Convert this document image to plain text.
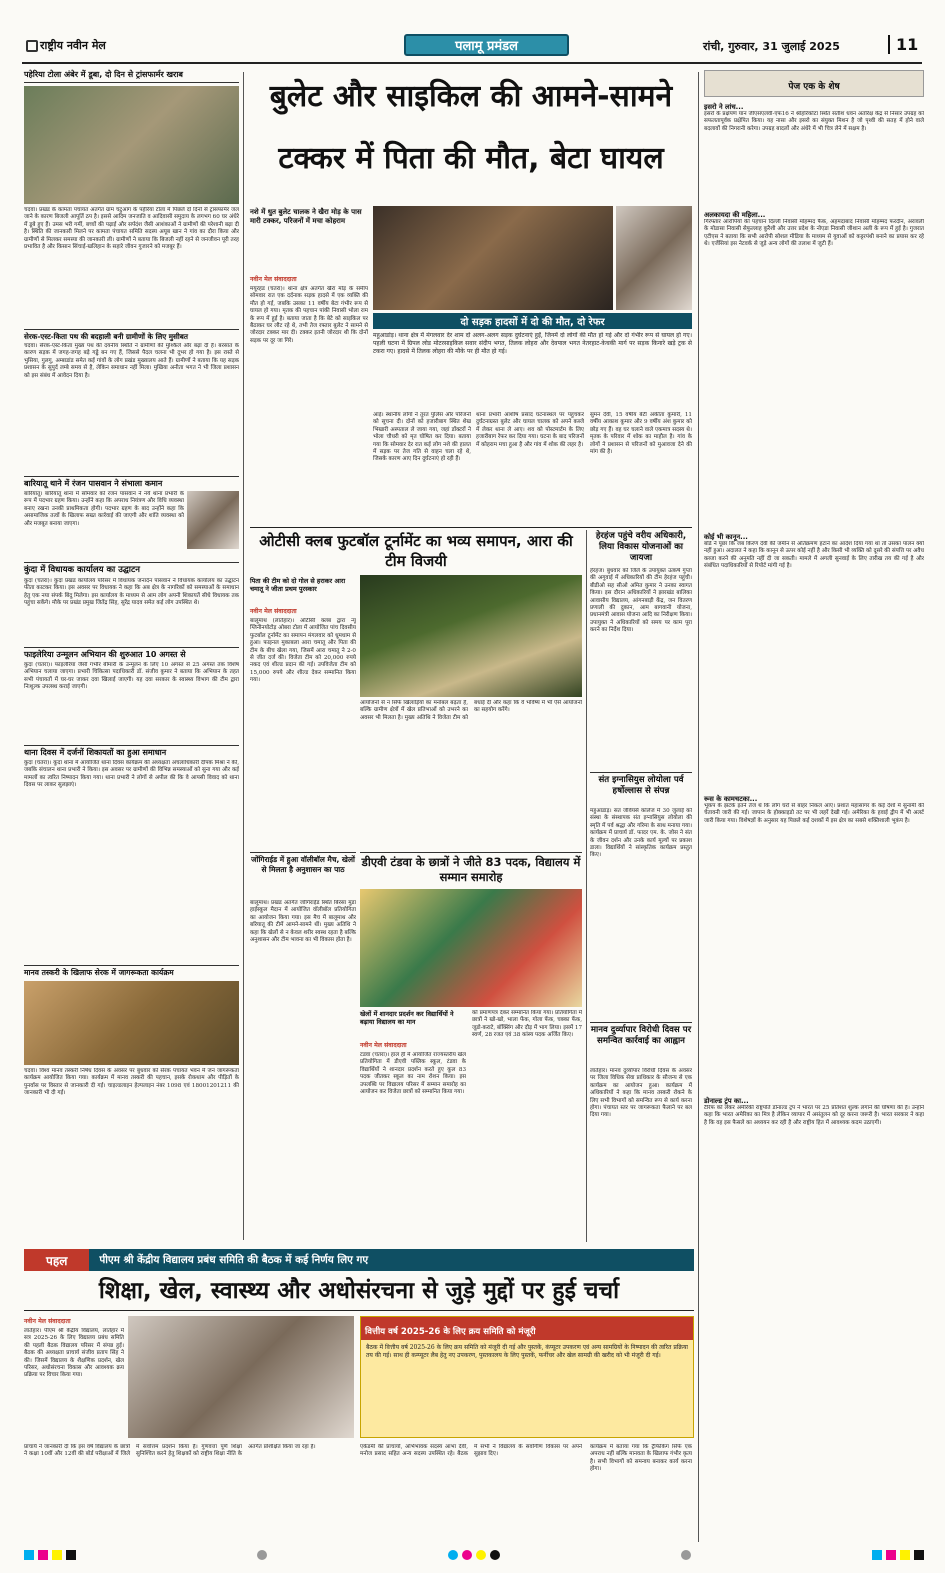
राष्ट्रीय नवीन मेल	पलामू प्रमंडल	रांची, गुरुवार, 31 जुलाई 2025	11
पहेरिया टोला अंबेर में डूबा, दो दिन से ट्रांसफार्मर खराब
चंदवा। प्रखंड के कामता पंचायत अंतर्गत ग्राम चटुआग के पहेरिया टोला में पिछले दो दिनों से ट्रांसफार्मर जल जाने के कारण बिजली आपूर्ति ठप है। इससे आदिम जनजाति व आदिवासी समुदाय के लगभग 60 घर अंधेरे में डूबे हुए हैं। उमस भरी गर्मी, बच्चों की पढ़ाई और सर्पदंश जैसी आशंकाओं ने ग्रामीणों की परेशानी बढ़ा दी है। स्थिति की जानकारी मिलने पर कामता पंचायत समिति सदस्य अयूब खान ने गांव का दौरा किया और ग्रामीणों से मिलकर समस्या की जानकारी ली। ग्रामीणों ने बताया कि बिजली नहीं रहने से जनजीवन पूरी तरह प्रभावित है और किसान सिंचाई-खलिहान के सहारे जीवन गुजारने को मजबूर हैं।
सेरक-एस्ट-किता पथ की बदहाली बनी ग्रामीणों के लिए मुसीबत
चंदवा। सेरक-एस्ट-किता मुख्य पथ की दयनीय स्थिति ने ग्रामीणों की मुश्किलें और बढ़ा दी हैं। बरसात के कारण सड़क में जगह-जगह बड़े गड्ढे बन गए हैं, जिससे पैदल चलना भी दूभर हो गया है। इस रास्ते से भुसिया, गुलगु, अम्बाडांड समेत कई गांवों के लोग प्रखंड मुख्यालय आते हैं। ग्रामीणों ने बताया कि यह सड़क प्रशासन के सुपुर्द लम्बे समय से है, लेकिन समाधान नहीं मिला। मुखिया अनीता भगत ने भी जिला प्रशासन को इस संबंध में आवेदन दिया है।
बारियातू थाने में रंजन पासवान ने संभाला कमान
बारियातू। बारियातू थाना में सोमवार को रंजन पासवान ने नये थाना प्रभारी के रूप में पदभार ग्रहण किया। उन्होंने कहा कि अपराध नियंत्रण और विधि व्यवस्था बनाए रखना उनकी प्राथमिकता होगी। पदभार ग्रहण के बाद उन्होंने कहा कि असामाजिक तत्वों के खिलाफ सख्त कार्रवाई की जाएगी और शांति व्यवस्था को और मजबूत बनाया जाएगा।
कुंदा में विधायक कार्यालय का उद्घाटन
कुंदा (चतरा)। कुंदा प्रखंड कार्यालय परिसर में विधायक जनार्दन पासवान ने विधायक कार्यालय का उद्घाटन फीता काटकर किया। इस अवसर पर विधायक ने कहा कि अब क्षेत्र के नागरिकों को समस्याओं के समाधान हेतु एक नया संपर्क बिंदु मिलेगा। इस कार्यालय के माध्यम से आम लोग अपनी शिकायतें सीधे विधायक तक पहुंचा सकेंगे। मौके पर प्रखंड प्रमुख जितेंद्र सिंह, सुरेंद्र यादव समेत कई लोग उपस्थित थे।
फाइलेरिया उन्मूलन अभियान की शुरुआत 10 अगस्त से
कुंदा (चतरा)। फाइलेरिया जैसी गंभीर बीमारी के उन्मूलन के लिए 10 अगस्त से 25 अगस्त तक विशेष अभियान चलाया जाएगा। प्रभारी चिकित्सा पदाधिकारी डॉ. संजीव कुमार ने बताया कि अभियान के तहत सभी पंचायतों में घर-घर जाकर दवा खिलाई जाएगी। यह दवा सरकार के स्वास्थ्य विभाग की टीम द्वारा निःशुल्क उपलब्ध कराई जाएगी।
थाना दिवस में दर्जनों शिकायतों का हुआ समाधान
कुंदा (चतरा)। कुंदा थाना में आयोजित थाना दिवस कार्यक्रम की अध्यक्षता अंचलाधिकारी दीपक मिश्रा ने की, जबकि संचालन थाना प्रभारी ने किया। इस अवसर पर ग्रामीणों की विभिन्न समस्याओं को सुना गया और कई मामलों का त्वरित निष्पादन किया गया। थाना प्रभारी ने लोगों से अपील की कि वे आपसी विवाद को थाना दिवस पर लाकर सुलझाएं।
मानव तस्करी के खिलाफ सेरक में जागरूकता कार्यक्रम
चंदवा। विश्व मानव तस्करी निषेध दिवस के अवसर पर बुधवार को सेरक पंचायत भवन में जन जागरूकता कार्यक्रम आयोजित किया गया। कार्यक्रम में मानव तस्करी की पहचान, इसके रोकथाम और पीड़ितों के पुनर्वास पर विस्तार से जानकारी दी गई। चाइल्डलाइन हेल्पलाइन नंबर 1098 एवं 18001201211 की जानकारी भी दी गई।
बुलेट और साइकिल की आमने-सामने
टक्कर में पिता की मौत, बेटा घायल
नशे में धुत बुलेट चालक ने खैरा मोड़ के पास मारी टक्कर, परिजनों में मचा कोहराम
नवीन मेल संवाददाता
मयूरहंड (चतरा)। थाना क्षेत्र अंतर्गत खैरा मोड़ के समीप सोमवार रात एक दर्दनाक सड़क हादसे में एक व्यक्ति की मौत हो गई, जबकि उसका 11 वर्षीय बेटा गंभीर रूप से घायल हो गया। मृतक की पहचान पांकी निवासी भोला राम के रूप में हुई है। बताया जाता है कि बेटे को साइकिल पर बैठाकर घर लौट रहे थे, तभी तेज रफ्तार बुलेट ने सामने से जोरदार टक्कर मार दी। टक्कर इतनी जोरदार थी कि दोनों सड़क पर दूर जा गिरे।
दो सड़क हादसों में दो की मौत, दो रेफर
महुआडांड़। थाना क्षेत्र में मंगलवार देर शाम दो अलग-अलग सड़क दुर्घटनाएं हुईं, जिनमें दो लोगों की मौत हो गई और दो गंभीर रूप से घायल हो गए। पहली घटना में ग्रिपल लोड मोटरसाइकिल सवार संदीप भगत, तिलक लोहरा और देवपाल भगत नेतरहाट-केचकी मार्ग पर सड़क किनारे खड़े ट्रक से टकरा गए। हादसे में तिलक लोहरा की मौके पर ही मौत हो गई।
आई। स्थानीय लोगों ने तुरंत पुलिस और परिजनों को सूचना दी। दोनों को हजारीबाग स्थित शेख भिखारी अस्पताल ले जाया गया, जहां डॉक्टरों ने भोला चौधरी को मृत घोषित कर दिया। बताया गया कि सोमवार देर रात कई लोग नशे की हालत में सड़क पर तेज गति से वाहन चला रहे थे, जिसके कारण आए दिन दुर्घटनाएं हो रही हैं।
थाना प्रभारी आशीष प्रसाद घटनास्थल पर पहुंचकर दुर्घटनाग्रस्त बुलेट और घायल चालक को अपने कब्जे में लेकर थाना ले आए। शव को पोस्टमार्टम के लिए हजारीबाग रेफर कर दिया गया। घटना के बाद परिजनों में कोहराम मचा हुआ है और गांव में शोक की लहर है।
सुमन देवी, 15 वर्षीय बेटी अंकीता कुमारी, 11 वर्षीय आकाश कुमार और 9 वर्षीय अंश कुमार को छोड़ गए हैं। वह घर चलाने वाले एकमात्र सदस्य थे। मृतक के परिवार में शोक का माहौल है। गांव के लोगों ने प्रशासन से परिजनों को मुआवजा देने की मांग की है।
ओटीसी क्लब फुटबॉल टूर्नामेंट का भव्य समापन, आरा की टीम विजयी
पिता की टीम को दो गोल से हराकर आरा चमातू ने जीता प्रथम पुरस्कार
नवीन मेल संवाददाता
बालूमाथ (लातेहार)। ओटीसी क्लब द्वारा न्यू ग्लिनीनयोटोड़ ओबरा टोला में आयोजित पांच दिवसीय फुटबॉल टूर्नामेंट का समापन मंगलवार को धूमधाम से हुआ। फाइनल मुकाबला आरा चमातू और पिता की टीम के बीच खेला गया, जिसमें आरा चमातू ने 2-0 से जीत दर्ज की। विजेता टीम को 20,000 रुपये नकद एवं शील्ड प्रदान की गई। उपविजेता टीम को 15,000 रुपये और शील्ड देकर सम्मानित किया गया।
आयोजनों से न सिर्फ खिलाड़ियों का मनोबल बढ़ता है, बल्कि ग्रामीण क्षेत्रों में खेल प्रतिभाओं को उभरने का अवसर भी मिलता है। मुख्य अतिथि ने विजेता टीम को बधाई दी और कहा कि वे भविष्य में भी ऐसे आयोजनों का सहयोग करेंगे।
जोंगिराईड में हुआ वॉलीबॉल मैच, खेलों से मिलता है अनुशासन का पाठ
बालूमाथ। प्रखंड अंतर्गत जोंगिराईड स्थित बिरसा मुंडा हाईस्कूल मैदान में आयोजित वॉलीबॉल प्रतियोगिता का आयोजन किया गया। इस मैच में बालूमाथ और बरियातू की टीमें आमने-सामने थीं। मुख्य अतिथि ने कहा कि खेलों से न केवल शरीर स्वस्थ रहता है बल्कि अनुशासन और टीम भावना का भी विकास होता है।
डीएवी टंडवा के छात्रों ने जीते 83 पदक, विद्यालय में सम्मान समारोह
खेलों में शानदार प्रदर्शन कर विद्यार्थियों ने बढ़ाया विद्यालय का मान
नवीन मेल संवाददाता
टंडवा (चतरा)। हाल ही में आयोजित राज्यस्तरीय खेल प्रतियोगिता में डीएवी पब्लिक स्कूल, टंडवा के विद्यार्थियों ने शानदार प्रदर्शन करते हुए कुल 83 पदक जीतकर स्कूल का नाम रोशन किया। इस उपलब्धि पर विद्यालय परिसर में सम्मान समारोह का आयोजन कर विजेता छात्रों को सम्मानित किया गया।
को प्रमाणपत्र देकर सम्मानित किया गया। प्रतियोगिता में छात्रों ने खो-खो, भाला फेंक, गोला फेंक, चक्का फेंक, जूडो-कराटे, बॉक्सिंग और दौड़ में भाग लिया। इसमें 17 स्वर्ण, 28 रजत एवं 38 कांस्य पदक अर्जित किए।
हेरहंज पहुंचे वरीय अधिकारी, लिया विकास योजनाओं का जायजा
हेरहंज। बुधवार को जिले के उपायुक्त उत्कर्ष गुप्ता की अगुवाई में अधिकारियों की टीम हेरहंज पहुंची। बीडीओ सह सीओ अमित कुमार ने उनका स्वागत किया। इस दौरान अधिकारियों ने झारखंड बालिका आवासीय विद्यालय, आंगनबाड़ी केंद्र, जन वितरण प्रणाली की दुकान, आम बागवानी योजना, प्रधानमंत्री आवास योजना आदि का निरीक्षण किया। उपायुक्त ने अधिकारियों को समय पर काम पूरा करने का निर्देश दिया।
संत इग्नासियुस लोयोला पर्व हर्षोल्लास से संपन्न
महुआडांड़। संत जेवियर्स कॉलेज में 30 जुलाई को संस्था के संस्थापक संत इग्नासियुस लोयोला की स्मृति में पर्व श्रद्धा और गरिमा के साथ मनाया गया। कार्यक्रम में प्राचार्य डॉ. फादर एम. के. जोस ने संत के जीवन दर्शन और उनके कार्य मूल्यों पर प्रकाश डाला। विद्यार्थियों ने सांस्कृतिक कार्यक्रम प्रस्तुत किए।
मानव दुर्व्यापार विरोधी दिवस पर समन्वित कार्रवाई का आह्वान
लातेहार। मानव दुर्व्यापार विरोधी दिवस के अवसर पर जिला विधिक सेवा प्राधिकार के सौजन्य से एक कार्यक्रम का आयोजन हुआ। कार्यक्रम में अधिकारियों ने कहा कि मानव तस्करी रोकने के लिए सभी विभागों को समन्वित रूप से कार्य करना होगा। पंचायत स्तर पर जागरूकता फैलाने पर बल दिया गया।
पेज एक के शेष
इसरो ने लांच...
इसरो के प्रक्षेपण यान जीएसएलवी-एफ16 ने श्रीहरिकोटा स्थित सतीश धवन अंतरिक्ष केंद्र से निसार उपग्रह को सफलतापूर्वक प्रक्षेपित किया। यह नासा और इसरो का संयुक्त मिशन है जो पृथ्वी की सतह में होने वाले बदलावों की निगरानी करेगा। उपग्रह बादलों और अंधेरे में भी चित्र लेने में सक्षम है।
अलकायदा की महिला...
गिरफ्तार आरोपियों की पहचान दिल्ली निवासी मोहम्मद फैक, अहमदाबाद निवासी मोहम्मद फरदीन, अरावली के मोडासा निवासी सेफुल्लाह कुरैशी और उत्तर प्रदेश के नोएडा निवासी जीशान अली के रूप में हुई है। गुजरात एटीएस ने बताया कि सभी आरोपी सोशल मीडिया के माध्यम से युवाओं को कट्टरपंथी बनाने का प्रयास कर रहे थे। एजेंसियां इस नेटवर्क से जुड़े अन्य लोगों की तलाश में जुटी हैं।
कोई भी कानून...
बोर्ड ने पूछा कि जब किरण देवी की जमीन से अतिक्रमण हटाने का आदेश दिया गया था तो उसका पालन क्यों नहीं हुआ। अदालत ने कहा कि कानून से ऊपर कोई नहीं है और किसी भी व्यक्ति को दूसरे की संपत्ति पर अवैध कब्जा करने की अनुमति नहीं दी जा सकती। मामले में अगली सुनवाई के लिए तारीख तय की गई है और संबंधित पदाधिकारियों से रिपोर्ट मांगी गई है।
रूस के कामचटका...
भूकंप के झटके इतने तेज थे कि लोग घरों से बाहर निकल आए। प्रशांत महासागर के कई देशों में सुनामी की चेतावनी जारी की गई। जापान के होक्काइडो तट पर भी लहरें देखी गईं। अमेरिका के हवाई द्वीप में भी अलर्ट जारी किया गया। विशेषज्ञों के अनुसार यह पिछले कई दशकों में इस क्षेत्र का सबसे शक्तिशाली भूकंप है।
डोनाल्ड ट्रंप का...
टैरिफ को लेकर अमेरिकी राष्ट्रपति डोनाल्ड ट्रंप ने भारत पर 25 प्रतिशत शुल्क लगाने की घोषणा की है। उन्होंने कहा कि भारत अमेरिका का मित्र है लेकिन व्यापार में असंतुलन को दूर करना जरूरी है। भारत सरकार ने कहा है कि वह इस फैसले का अध्ययन कर रही है और राष्ट्रीय हित में आवश्यक कदम उठाएगी।
पहल	पीएम श्री केंद्रीय विद्यालय प्रबंध समिति की बैठक में कई निर्णय लिए गए
शिक्षा, खेल, स्वास्थ्य और अधोसंरचना से जुड़े मुद्दों पर हुई चर्चा
नवीन मेल संवाददाता
लातेहार। पीएम श्री केंद्रीय विद्यालय, लातेहार में सत्र 2025-26 के लिए विद्यालय प्रबंध समिति की पहली बैठक विद्यालय परिसर में संपन्न हुई। बैठक की अध्यक्षता प्राचार्य संजीव प्रताप सिंह ने की। जिसमें विद्यालय के शैक्षणिक प्रदर्शन, खेल परिसर, अधोसंरचना विकास और आवश्यक क्रय प्रक्रिया पर विचार किया गया।
प्राचार्य ने जानकारी दी कि इस वर्ष विद्यालय के छात्रों ने कक्षा 10वीं और 12वीं की बोर्ड परीक्षाओं में जिले में सर्वोत्तम प्रदर्शन किया है। गुणवत्ता पूर्ण शिक्षा सुनिश्चित करने हेतु शिक्षकों को राष्ट्रीय शिक्षा नीति के अंतर्गत प्रशिक्षित किया जा रहा है।
वित्तीय वर्ष 2025-26 के लिए क्रय समिति को मंजूरी
बैठक में वित्तीय वर्ष 2025-26 के लिए क्रय समिति को मंजूरी दी गई और पुस्तकें, कंप्यूटर उपकरण एवं अन्य सामग्रियों के निष्पादन की त्वरित प्रक्रिया तय की गई। साथ ही कम्प्यूटर लैब हेतु नए उपकरण, पुस्तकालय के लिए पुस्तकें, फर्नीचर और खेल सामग्री की खरीद को भी मंजूरी दी गई।
एकेडमी की प्राचार्या, अभिभावक सदस्य आभा देवी, मनोज प्रसाद सहित अन्य सदस्य उपस्थित रहे। बैठक में सभी ने विद्यालय के सर्वांगीण विकास पर अपने सुझाव दिए।
कार्यक्रम में बताया गया कि ट्रैफिकिंग सिर्फ एक अपराध नहीं बल्कि मानवता के खिलाफ गंभीर कृत्य है। सभी विभागों को समन्वय बनाकर कार्य करना होगा।
